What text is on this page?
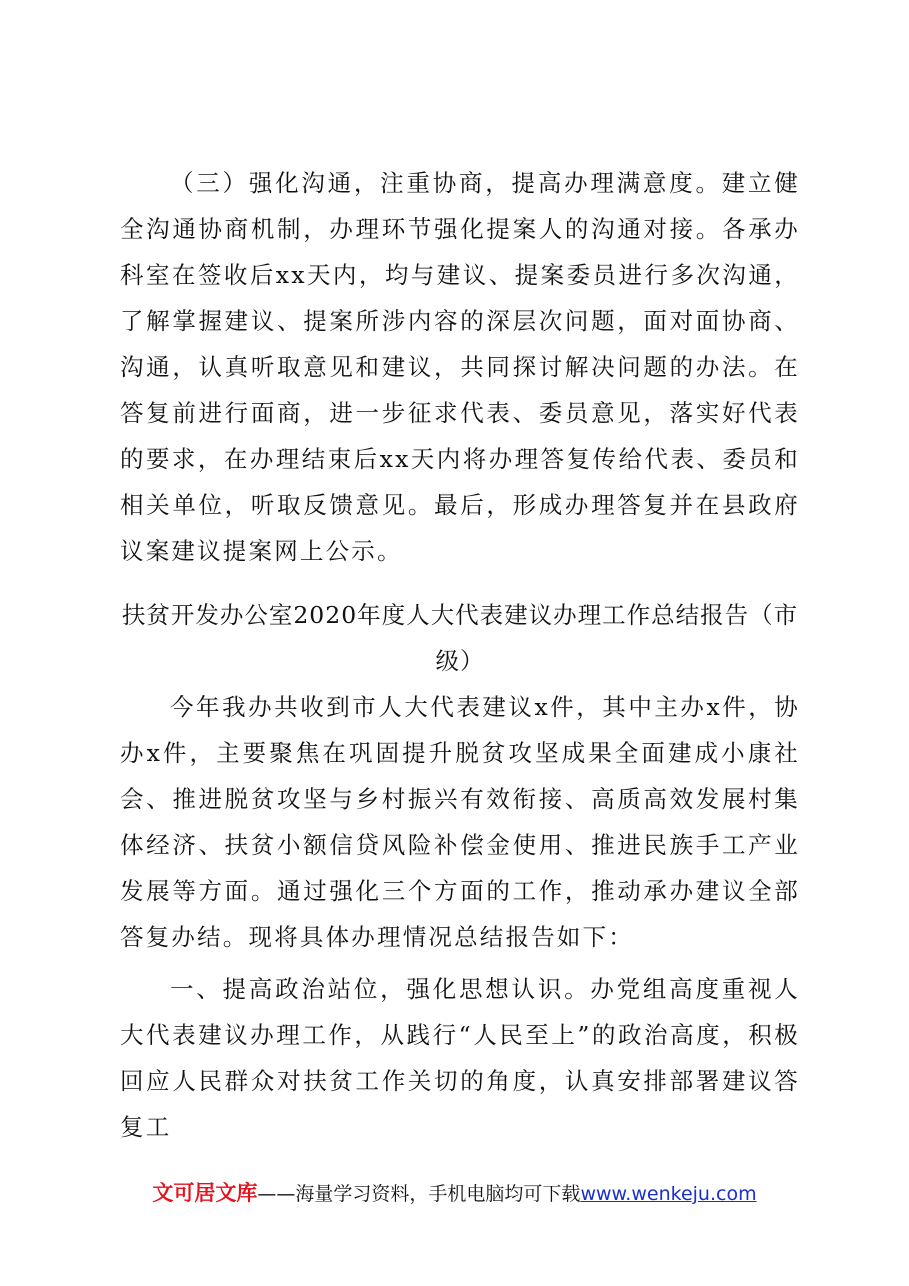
（三）强化沟通，注重协商，提高办理满意度。建立健全沟通协商机制，办理环节强化提案人的沟通对接。各承办科室在签收后xx天内，均与建议、提案委员进行多次沟通，了解掌握建议、提案所涉内容的深层次问题，面对面协商、沟通，认真听取意见和建议，共同探讨解决问题的办法。在答复前进行面商，进一步征求代表、委员意见，落实好代表的要求，在办理结束后xx天内将办理答复传给代表、委员和相关单位，听取反馈意见。最后，形成办理答复并在县政府议案建议提案网上公示。

扶贫开发办公室2020年度人大代表建议办理工作总结报告（市级）

今年我办共收到市人大代表建议x件，其中主办x件，协办x件，主要聚焦在巩固提升脱贫攻坚成果全面建成小康社会、推进脱贫攻坚与乡村振兴有效衔接、高质高效发展村集体经济、扶贫小额信贷风险补偿金使用、推进民族手工产业发展等方面。通过强化三个方面的工作，推动承办建议全部答复办结。现将具体办理情况总结报告如下：

一、提高政治站位，强化思想认识。办党组高度重视人大代表建议办理工作，从践行“人民至上”的政治高度，积极回应人民群众对扶贫工作关切的角度，认真安排部署建议答复工

文可居文库——海量学习资料，手机电脑均可下载www.wenkeju.com
